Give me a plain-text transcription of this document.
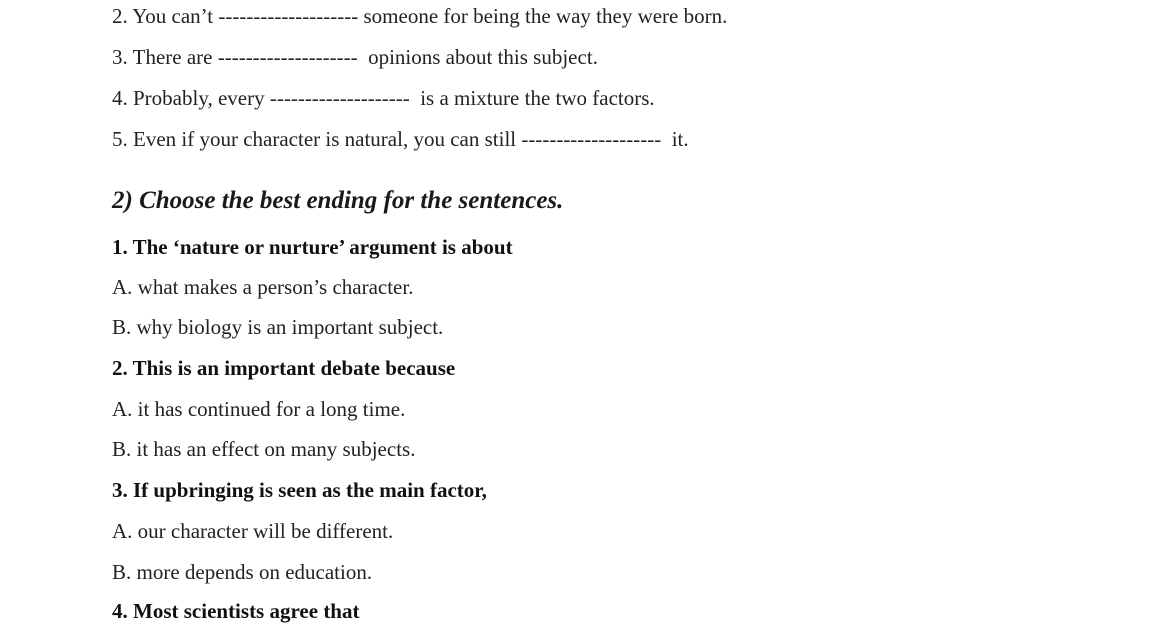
2. You can’t -------------------- someone for being the way they were born.
3. There are --------------------  opinions about this subject.
4. Probably, every --------------------  is a mixture the two factors.
5. Even if your character is natural, you can still --------------------  it.
2) Choose the best ending for the sentences.
1. The ‘nature or nurture’ argument is about
A. what makes a person’s character.
B. why biology is an important subject.
2. This is an important debate because
A. it has continued for a long time.
B. it has an effect on many subjects.
3. If upbringing is seen as the main factor,
A. our character will be different.
B. more depends on education.
4. Most scientists agree that
